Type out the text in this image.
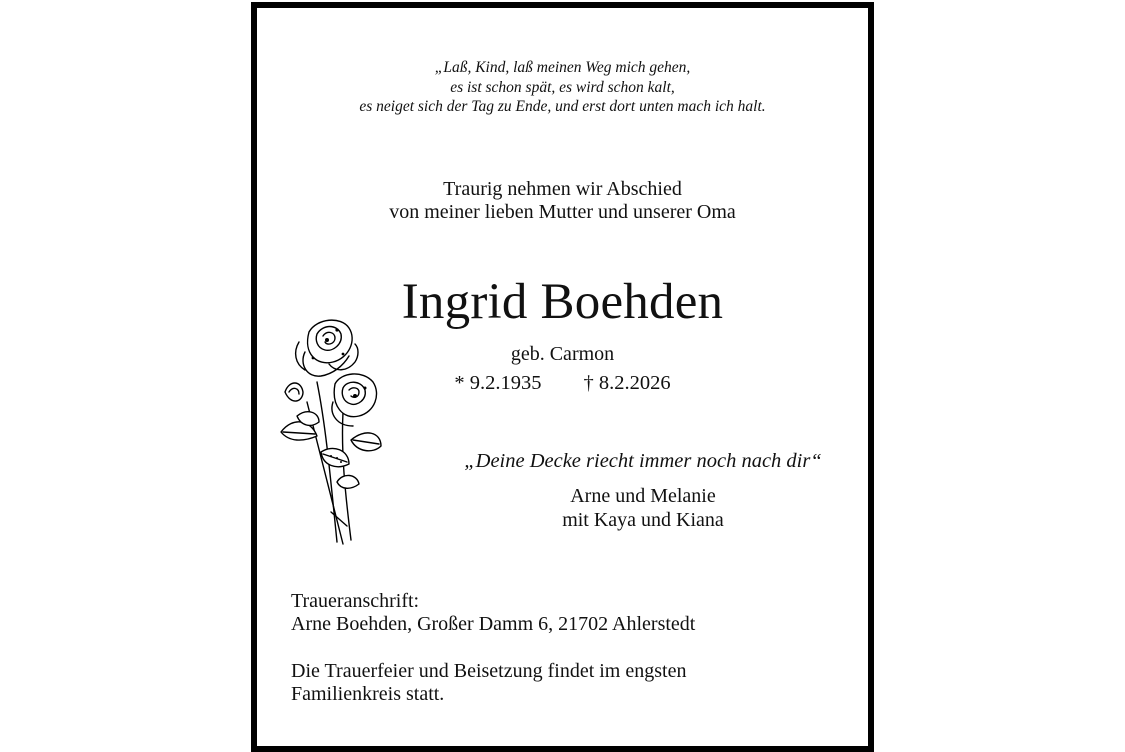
„Laß, Kind, laß meinen Weg mich gehen,
es ist schon spät, es wird schon kalt,
es neiget sich der Tag zu Ende, und erst dort unten mach ich halt.
Traurig nehmen wir Abschied
von meiner lieben Mutter und unserer Oma
Ingrid Boehden
geb. Carmon
* 9.2.1935 † 8.2.2026
„Deine Decke riecht immer noch nach dir“
Arne und Melanie
mit Kaya und Kiana
Traueranschrift:
Arne Boehden, Großer Damm 6, 21702 Ahlerstedt
Die Trauerfeier und Beisetzung findet im engsten
Familienkreis statt.
